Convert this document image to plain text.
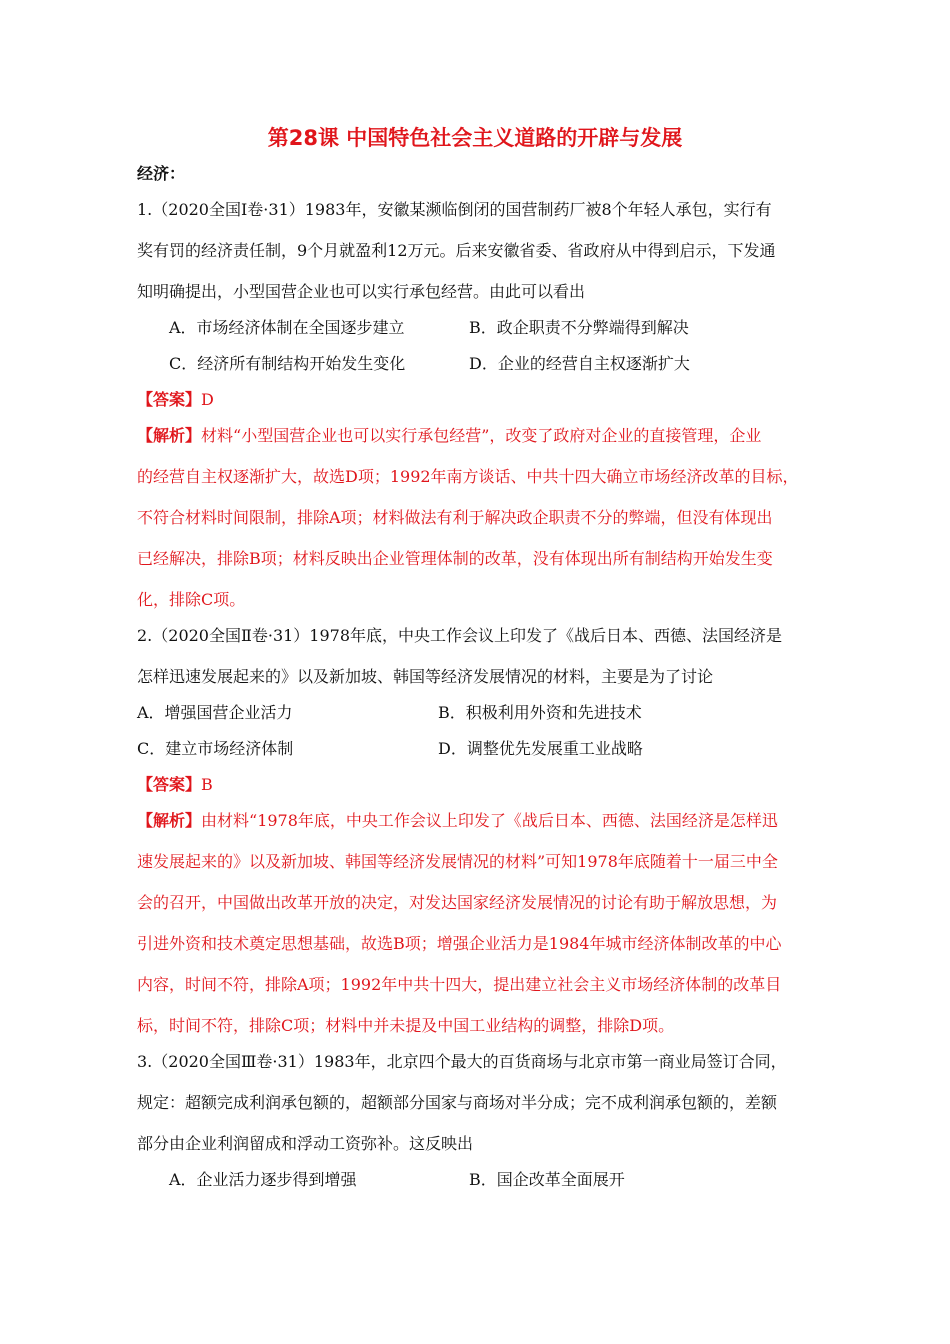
第28课 中国特色社会主义道路的开辟与发展
经济：
1.（2020全国Ⅰ卷·31）1983年，安徽某濒临倒闭的国营制药厂被8个年轻人承包，实行有
奖有罚的经济责任制，9个月就盈利12万元。后来安徽省委、省政府从中得到启示，下发通
知明确提出，小型国营企业也可以实行承包经营。由此可以看出
A．市场经济体制在全国逐步建立	B．政企职责不分弊端得到解决
C．经济所有制结构开始发生变化	D．企业的经营自主权逐渐扩大
【答案】D
【解析】材料“小型国营企业也可以实行承包经营”，改变了政府对企业的直接管理，企业
的经营自主权逐渐扩大，故选D项；1992年南方谈话、中共十四大确立市场经济改革的目标，
不符合材料时间限制，排除A项；材料做法有利于解决政企职责不分的弊端，但没有体现出
已经解决，排除B项；材料反映出企业管理体制的改革，没有体现出所有制结构开始发生变
化，排除C项。
2.（2020全国Ⅱ卷·31）1978年底，中央工作会议上印发了《战后日本、西德、法国经济是
怎样迅速发展起来的》以及新加坡、韩国等经济发展情况的材料，主要是为了讨论
A．增强国营企业活力	B．积极利用外资和先进技术
C．建立市场经济体制	D．调整优先发展重工业战略
【答案】B
【解析】由材料“1978年底，中央工作会议上印发了《战后日本、西德、法国经济是怎样迅
速发展起来的》以及新加坡、韩国等经济发展情况的材料”可知1978年底随着十一届三中全
会的召开，中国做出改革开放的决定，对发达国家经济发展情况的讨论有助于解放思想，为
引进外资和技术奠定思想基础，故选B项；增强企业活力是1984年城市经济体制改革的中心
内容，时间不符，排除A项；1992年中共十四大，提出建立社会主义市场经济体制的改革目
标，时间不符，排除C项；材料中并未提及中国工业结构的调整，排除D项。
3.（2020全国Ⅲ卷·31）1983年，北京四个最大的百货商场与北京市第一商业局签订合同，
规定：超额完成利润承包额的，超额部分国家与商场对半分成；完不成利润承包额的，差额
部分由企业利润留成和浮动工资弥补。这反映出
A．企业活力逐步得到增强	B．国企改革全面展开
